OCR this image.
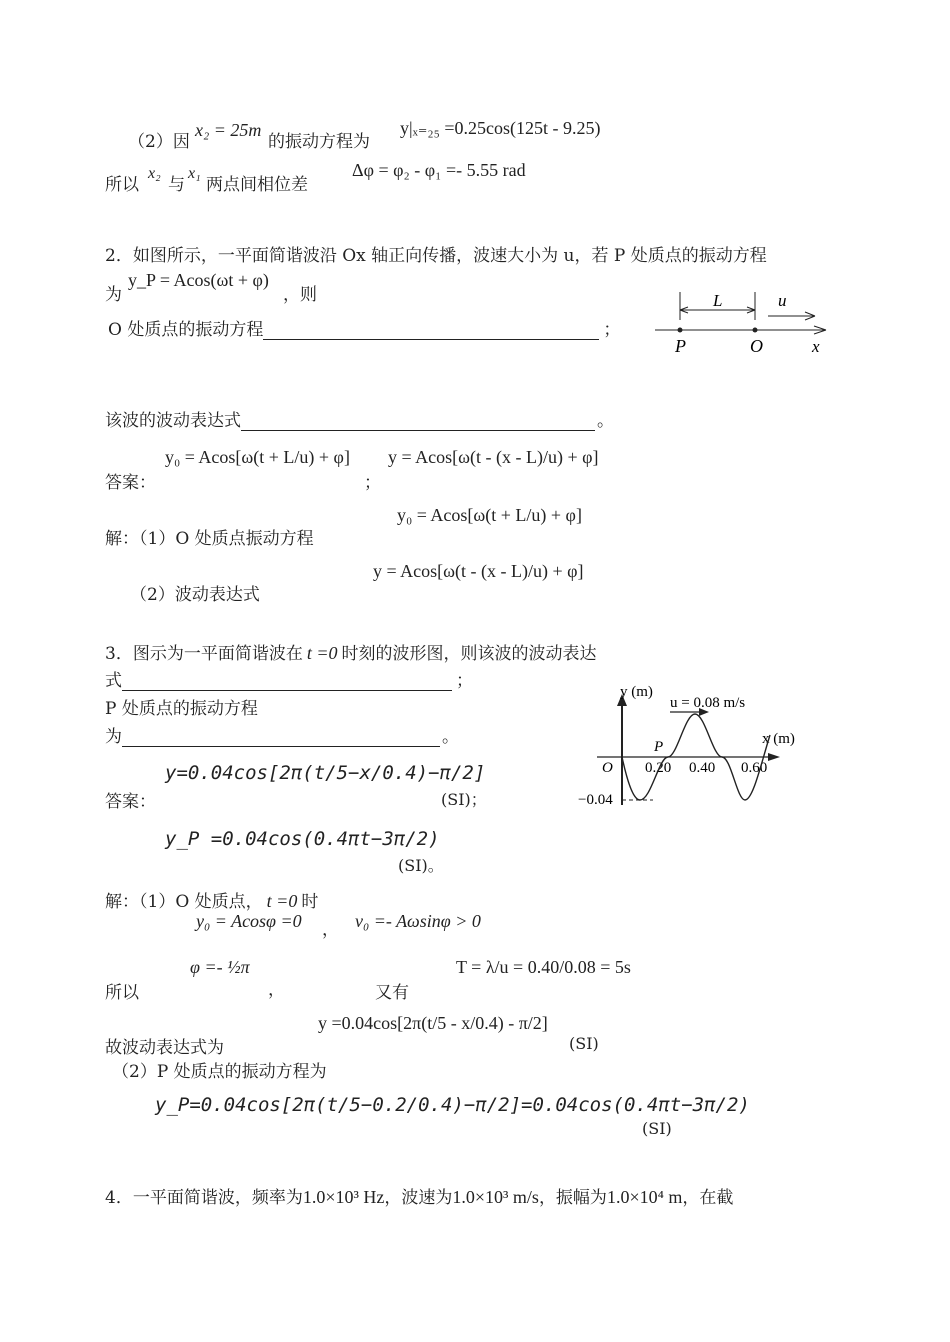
（2）因
x₂ = 25m
的振动方程为
y|ₓ₌₂₅ =0.25cos(125t - 9.25)
所以
x₂
与
x₁
两点间相位差
Δφ = φ₂ - φ₁ =- 5.55 rad
2．如图所示，一平面简谐波沿 Ox 轴正向传播，波速大小为 u，若 P 处质点的振动方程
为
y_P = Acos(ωt + φ)
，则
O 处质点的振动方程	；
L	u
P	O	x
该波的波动表达式	。
答案：
y₀ = Acos[ω(t + L/u) + φ]
；
y = Acos[ω(t - (x - L)/u) + φ]
解：（1）O 处质点振动方程
y₀ = Acos[ω(t + L/u) + φ]
（2）波动表达式
y = Acos[ω(t - (x - L)/u) + φ]
3．图示为一平面简谐波在 t =0 时刻的波形图，则该波的波动表达
式	；
P 处质点的振动方程
为	。
y (m)
u = 0.08 m/s
x (m)
O
P
0.20 0.40 0.60
−0.04
答案：
y=0.04cos[2π(t/5−x/0.4)−π/2]
(SI)；
y_P =0.04cos(0.4πt−3π/2)
(SI)。
解：（1）O 处质点， t =0 时
y₀ = Acosφ =0 ， v₀ =- Aωsinφ > 0
所以
φ =- ½π
，	又有
T = λ/u = 0.40/0.08 = 5s
故波动表达式为
y =0.04cos[2π(t/5 - x/0.4) - π/2]
(SI)
（2）P 处质点的振动方程为
y_P=0.04cos[2π(t/5−0.2/0.4)−π/2]=0.04cos(0.4πt−3π/2)
(SI)
4．一平面简谐波，频率为1.0×10³ Hz，波速为1.0×10³ m/s，振幅为1.0×10⁴ m，在截
